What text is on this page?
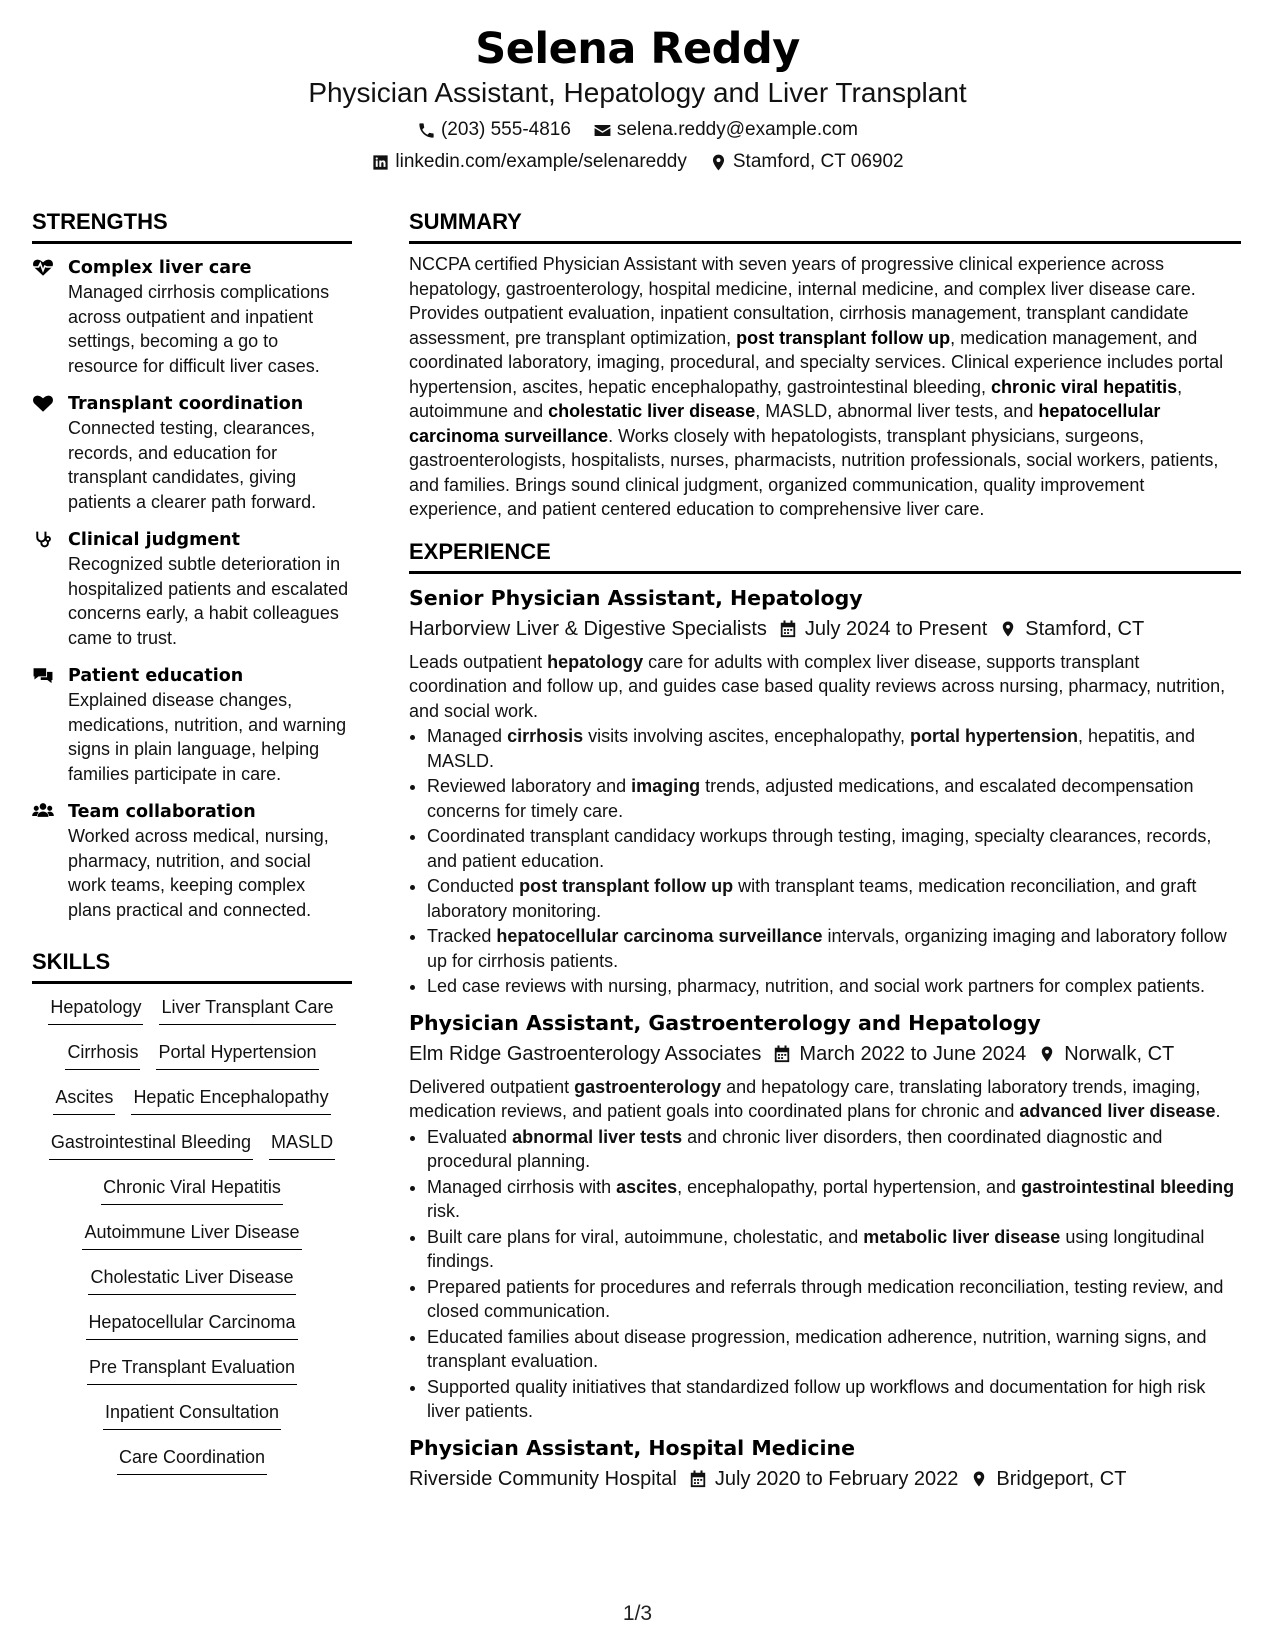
Selena Reddy
Physician Assistant, Hepatology and Liver Transplant
(203) 555-4816 selena.reddy@example.com
linkedin.com/example/selenareddy Stamford, CT 06902
STRENGTHS
Complex liver care
Managed cirrhosis complications across outpatient and inpatient settings, becoming a go to resource for difficult liver cases.
Transplant coordination
Connected testing, clearances, records, and education for transplant candidates, giving patients a clearer path forward.
Clinical judgment
Recognized subtle deterioration in hospitalized patients and escalated concerns early, a habit colleagues came to trust.
Patient education
Explained disease changes, medications, nutrition, and warning signs in plain language, helping families participate in care.
Team collaboration
Worked across medical, nursing, pharmacy, nutrition, and social work teams, keeping complex plans practical and connected.
SKILLS
Hepatology Liver Transplant Care
Cirrhosis Portal Hypertension
Ascites Hepatic Encephalopathy
Gastrointestinal Bleeding MASLD
Chronic Viral Hepatitis
Autoimmune Liver Disease
Cholestatic Liver Disease
Hepatocellular Carcinoma
Pre Transplant Evaluation
Inpatient Consultation
Care Coordination
SUMMARY
NCCPA certified Physician Assistant with seven years of progressive clinical experience across hepatology, gastroenterology, hospital medicine, internal medicine, and complex liver disease care. Provides outpatient evaluation, inpatient consultation, cirrhosis management, transplant candidate assessment, pre transplant optimization, post transplant follow up, medication management, and coordinated laboratory, imaging, procedural, and specialty services. Clinical experience includes portal hypertension, ascites, hepatic encephalopathy, gastrointestinal bleeding, chronic viral hepatitis, autoimmune and cholestatic liver disease, MASLD, abnormal liver tests, and hepatocellular carcinoma surveillance. Works closely with hepatologists, transplant physicians, surgeons, gastroenterologists, hospitalists, nurses, pharmacists, nutrition professionals, social workers, patients, and families. Brings sound clinical judgment, organized communication, quality improvement experience, and patient centered education to comprehensive liver care.
EXPERIENCE
Senior Physician Assistant, Hepatology
Harborview Liver & Digestive Specialists July 2024 to Present Stamford, CT
Leads outpatient hepatology care for adults with complex liver disease, supports transplant coordination and follow up, and guides case based quality reviews across nursing, pharmacy, nutrition, and social work.
• Managed cirrhosis visits involving ascites, encephalopathy, portal hypertension, hepatitis, and MASLD.
• Reviewed laboratory and imaging trends, adjusted medications, and escalated decompensation concerns for timely care.
• Coordinated transplant candidacy workups through testing, imaging, specialty clearances, records, and patient education.
• Conducted post transplant follow up with transplant teams, medication reconciliation, and graft laboratory monitoring.
• Tracked hepatocellular carcinoma surveillance intervals, organizing imaging and laboratory follow up for cirrhosis patients.
• Led case reviews with nursing, pharmacy, nutrition, and social work partners for complex patients.
Physician Assistant, Gastroenterology and Hepatology
Elm Ridge Gastroenterology Associates March 2022 to June 2024 Norwalk, CT
Delivered outpatient gastroenterology and hepatology care, translating laboratory trends, imaging, medication reviews, and patient goals into coordinated plans for chronic and advanced liver disease.
• Evaluated abnormal liver tests and chronic liver disorders, then coordinated diagnostic and procedural planning.
• Managed cirrhosis with ascites, encephalopathy, portal hypertension, and gastrointestinal bleeding risk.
• Built care plans for viral, autoimmune, cholestatic, and metabolic liver disease using longitudinal findings.
• Prepared patients for procedures and referrals through medication reconciliation, testing review, and closed communication.
• Educated families about disease progression, medication adherence, nutrition, warning signs, and transplant evaluation.
• Supported quality initiatives that standardized follow up workflows and documentation for high risk liver patients.
Physician Assistant, Hospital Medicine
Riverside Community Hospital July 2020 to February 2022 Bridgeport, CT
1/3
